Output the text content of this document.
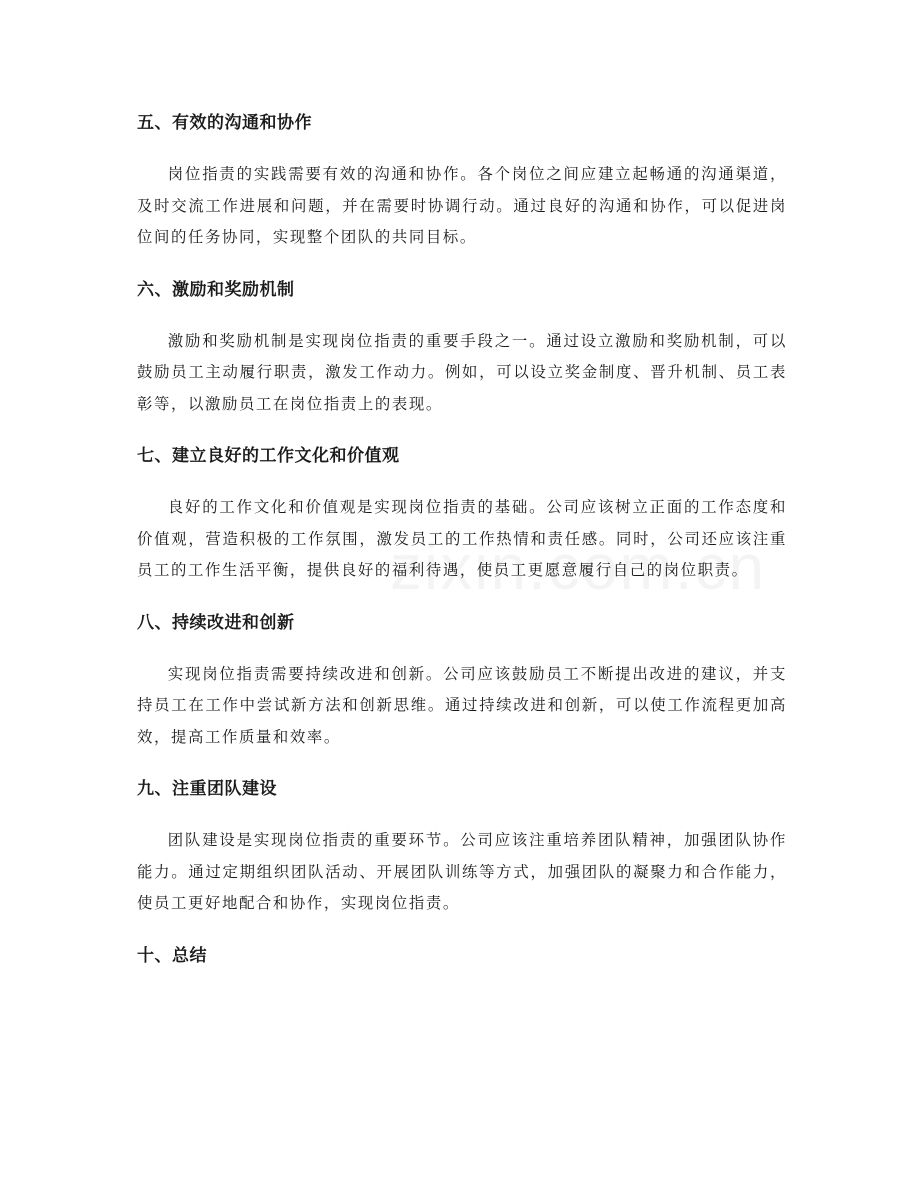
五、有效的沟通和协作

岗位指责的实践需要有效的沟通和协作。各个岗位之间应建立起畅通的沟通渠道，及时交流工作进展和问题，并在需要时协调行动。通过良好的沟通和协作，可以促进岗位间的任务协同，实现整个团队的共同目标。

六、激励和奖励机制

激励和奖励机制是实现岗位指责的重要手段之一。通过设立激励和奖励机制，可以鼓励员工主动履行职责，激发工作动力。例如，可以设立奖金制度、晋升机制、员工表彰等，以激励员工在岗位指责上的表现。

七、建立良好的工作文化和价值观

良好的工作文化和价值观是实现岗位指责的基础。公司应该树立正面的工作态度和价值观，营造积极的工作氛围，激发员工的工作热情和责任感。同时，公司还应该注重员工的工作生活平衡，提供良好的福利待遇，使员工更愿意履行自己的岗位职责。

八、持续改进和创新

实现岗位指责需要持续改进和创新。公司应该鼓励员工不断提出改进的建议，并支持员工在工作中尝试新方法和创新思维。通过持续改进和创新，可以使工作流程更加高效，提高工作质量和效率。

九、注重团队建设

团队建设是实现岗位指责的重要环节。公司应该注重培养团队精神，加强团队协作能力。通过定期组织团队活动、开展团队训练等方式，加强团队的凝聚力和合作能力，使员工更好地配合和协作，实现岗位指责。

十、总结
